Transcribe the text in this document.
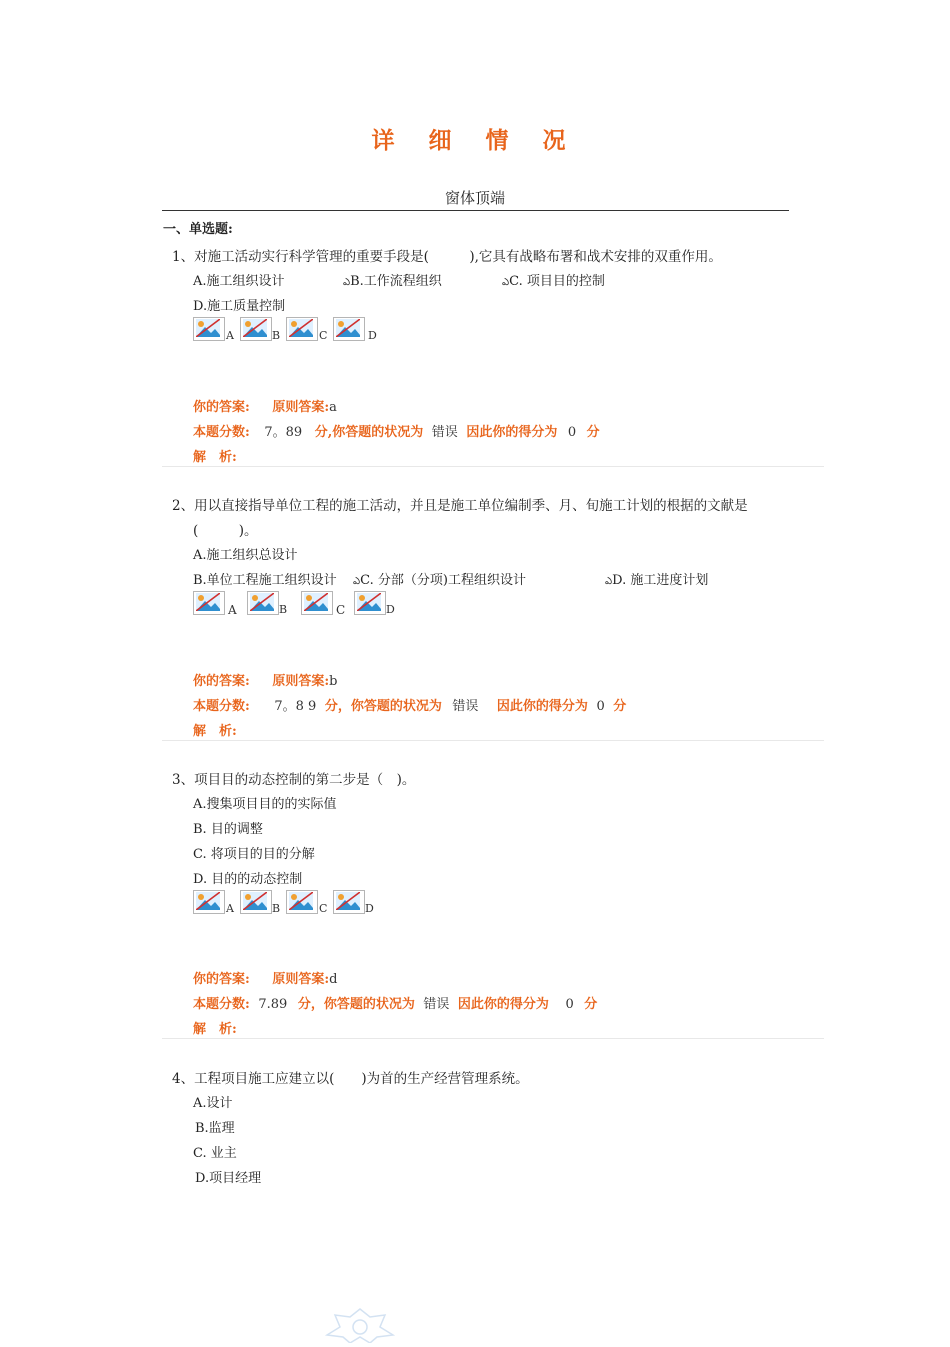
详 细 情 况
窗体顶端
一、单选题:
1、对施工活动实行科学管理的重要手段是(　　　),它具有战略布署和战术安排的双重作用。
A.施工组织设计	ఎB.工作流程组织	ఎC. 项目目的控制
D.施工质量控制
A	B	C	D
你的答案: 原则答案:a
本题分数: 7。89 分,你答题的状况为 错误 因此你的得分为 0 分
解　析:
2、用以直接指导单位工程的施工活动，并且是施工单位编制季、月、旬施工计划的根据的文献是
(　　　)。
A.施工组织总设计
B.单位工程施工组织设计 ఎC. 分部（分项)工程组织设计	ఎD. 施工进度计划
A	B	C	D
你的答案: 原则答案:b
本题分数: 7。8 9 分，你答题的状况为 错误 因此你的得分为 0 分
解　析:
3、项目目的动态控制的第二步是（　)。
A.搜集项目目的的实际值
B. 目的调整
C. 将项目的目的分解
D. 目的的动态控制
A	B	C	D
你的答案: 原则答案:d
本题分数: 7.89 分，你答题的状况为 错误 因此你的得分为 0 分
解　析:
4、工程项目施工应建立以(　　)为首的生产经营管理系统。
A.设计
B.监理
C. 业主
D.项目经理
